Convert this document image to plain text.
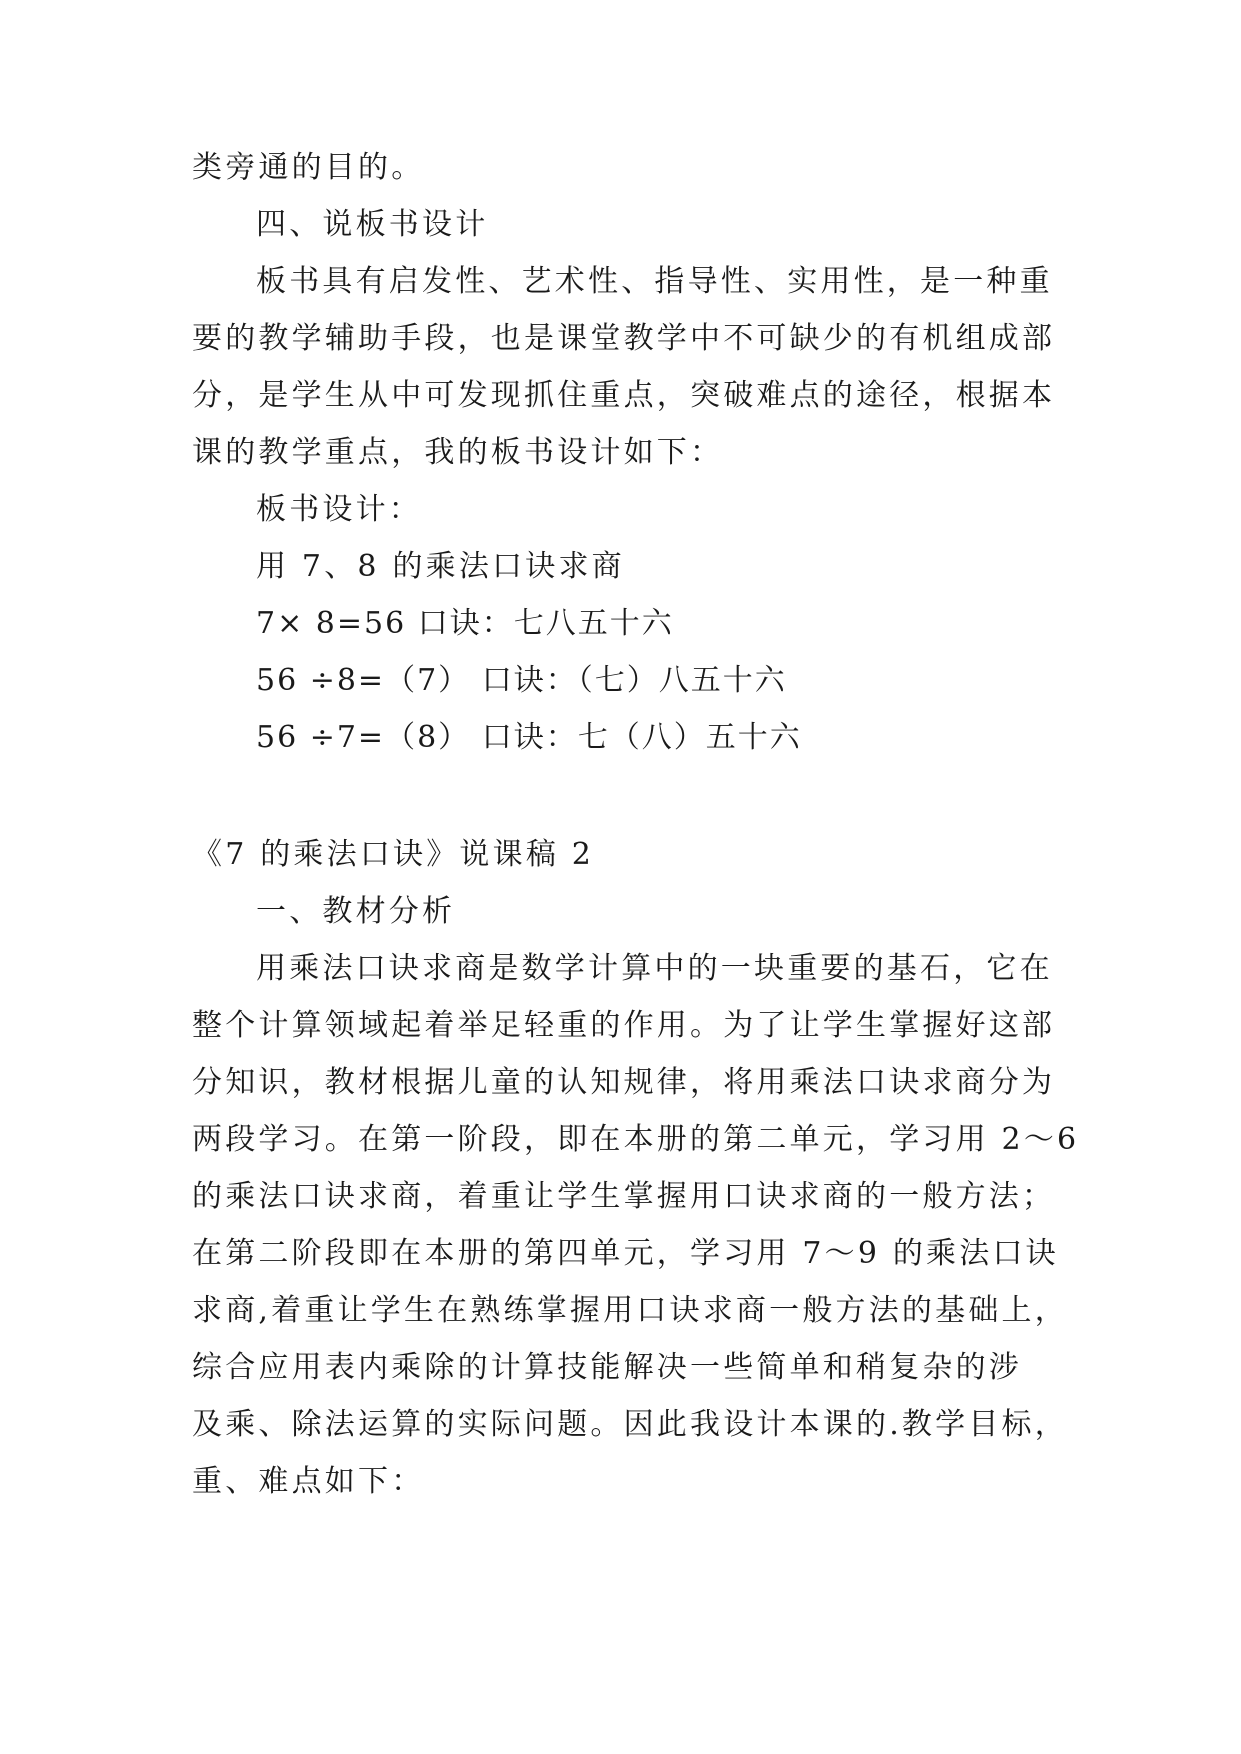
类旁通的目的。
四、说板书设计
板书具有启发性、艺术性、指导性、实用性，是一种重
要的教学辅助手段，也是课堂教学中不可缺少的有机组成部
分，是学生从中可发现抓住重点，突破难点的途径，根据本
课的教学重点，我的板书设计如下：
板书设计：
用 7、8 的乘法口诀求商
7× 8=56 口诀：七八五十六
56 ÷8=（7） 口诀：（七）八五十六
56 ÷7=（8） 口诀：七（八）五十六
《7 的乘法口诀》说课稿 2
一、教材分析
用乘法口诀求商是数学计算中的一块重要的基石，它在
整个计算领域起着举足轻重的作用。为了让学生掌握好这部
分知识，教材根据儿童的认知规律，将用乘法口诀求商分为
两段学习。在第一阶段，即在本册的第二单元，学习用 2～6
的乘法口诀求商，着重让学生掌握用口诀求商的一般方法；
在第二阶段即在本册的第四单元，学习用 7～9 的乘法口诀
求商,着重让学生在熟练掌握用口诀求商一般方法的基础上，
综合应用表内乘除的计算技能解决一些简单和稍复杂的涉
及乘、除法运算的实际问题。因此我设计本课的.教学目标，
重、难点如下：
